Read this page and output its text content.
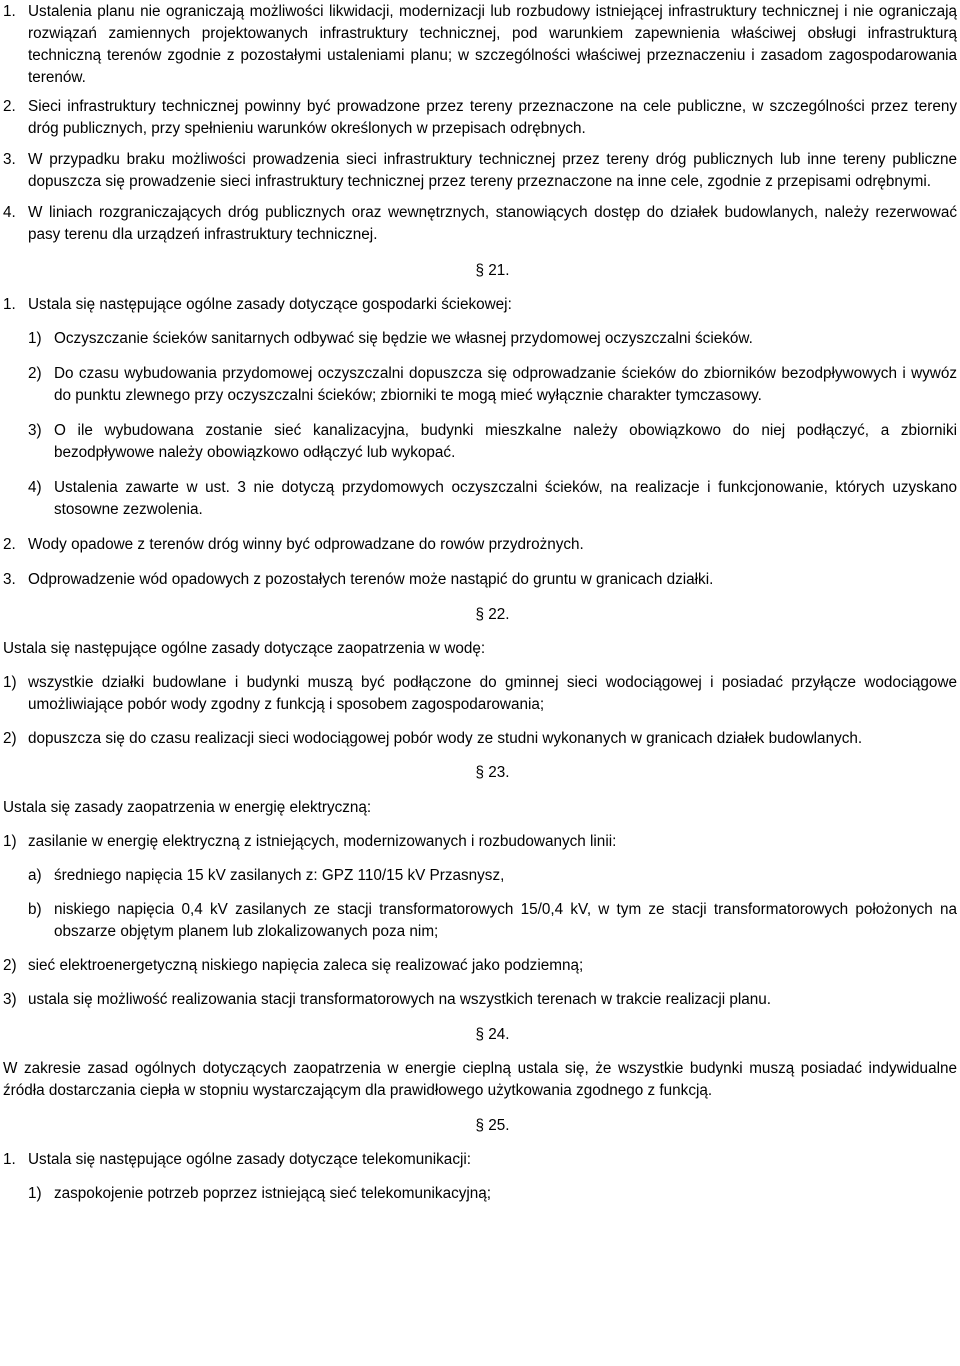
1. Ustalenia planu nie ograniczają możliwości likwidacji, modernizacji lub rozbudowy istniejącej infrastruktury technicznej i nie ograniczają rozwiązań zamiennych projektowanych infrastruktury technicznej, pod warunkiem zapewnienia właściwej obsługi infrastrukturą techniczną terenów zgodnie z pozostałymi ustaleniami planu; w szczególności właściwej przeznaczeniu i zasadom zagospodarowania terenów.
2. Sieci infrastruktury technicznej powinny być prowadzone przez tereny przeznaczone na cele publiczne, w szczególności przez tereny dróg publicznych, przy spełnieniu warunków określonych w przepisach odrębnych.
3. W przypadku braku możliwości prowadzenia sieci infrastruktury technicznej przez tereny dróg publicznych lub inne tereny publiczne dopuszcza się prowadzenie sieci infrastruktury technicznej przez tereny przeznaczone na inne cele, zgodnie z przepisami odrębnymi.
4. W liniach rozgraniczających dróg publicznych oraz wewnętrznych, stanowiących dostęp do działek budowlanych, należy rezerwować pasy terenu dla urządzeń infrastruktury technicznej.

§ 21.

1. Ustala się następujące ogólne zasady dotyczące gospodarki ściekowej:
1) Oczyszczanie ścieków sanitarnych odbywać się będzie we własnej przydomowej oczyszczalni ścieków.
2) Do czasu wybudowania przydomowej oczyszczalni dopuszcza się odprowadzanie ścieków do zbiorników bezodpływowych i wywóz do punktu zlewnego przy oczyszczalni ścieków; zbiorniki te mogą mieć wyłącznie charakter tymczasowy.
3) O ile wybudowana zostanie sieć kanalizacyjna, budynki mieszkalne należy obowiązkowo do niej podłączyć, a zbiorniki bezodpływowe należy obowiązkowo odłączyć lub wykopać.
4) Ustalenia zawarte w ust. 3 nie dotyczą przydomowych oczyszczalni ścieków, na realizacje i funkcjonowanie, których uzyskano stosowne zezwolenia.
2. Wody opadowe z terenów dróg winny być odprowadzane do rowów przydrożnych.
3. Odprowadzenie wód opadowych z pozostałych terenów może nastąpić do gruntu w granicach działki.

§ 22.

Ustala się następujące ogólne zasady dotyczące zaopatrzenia w wodę:

1) wszystkie działki budowlane i budynki muszą być podłączone do gminnej sieci wodociągowej i posiadać przyłącze wodociągowe umożliwiające pobór wody zgodny z funkcją i sposobem zagospodarowania;
2) dopuszcza się do czasu realizacji sieci wodociągowej pobór wody ze studni wykonanych w granicach działek budowlanych.

§ 23.

Ustala się zasady zaopatrzenia w energię elektryczną:

1) zasilanie w energię elektryczną z istniejących, modernizowanych i rozbudowanych linii:
a) średniego napięcia 15 kV zasilanych z: GPZ 110/15 kV Przasnysz,
b) niskiego napięcia 0,4 kV zasilanych ze stacji transformatorowych 15/0,4 kV, w tym ze stacji transformatorowych położonych na obszarze objętym planem lub zlokalizowanych poza nim;
2) sieć elektroenergetyczną niskiego napięcia zaleca się realizować jako podziemną;
3) ustala się możliwość realizowania stacji transformatorowych na wszystkich terenach w trakcie realizacji planu.

§ 24.

W zakresie zasad ogólnych dotyczących zaopatrzenia w energie cieplną ustala się, że wszystkie budynki muszą posiadać indywidualne źródła dostarczania ciepła w stopniu wystarczającym dla prawidłowego użytkowania zgodnego z funkcją.

§ 25.

1. Ustala się następujące ogólne zasady dotyczące telekomunikacji:
1) zaspokojenie potrzeb poprzez istniejącą sieć telekomunikacyjną;
